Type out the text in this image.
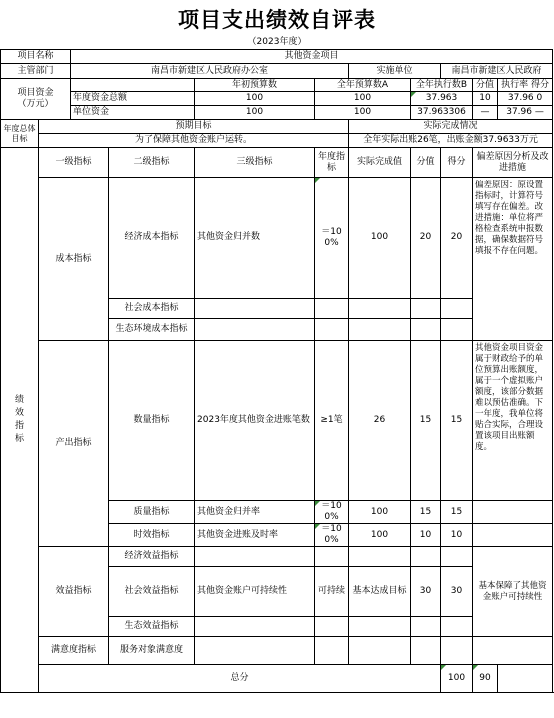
项目支出绩效自评表
（2023年度）
项目名称		其他资金项目								
主管部门		南昌市新建区人民政府办公室				实施单位		南昌市新建区人民政府		
项目资金
（万元）				年初预算数	全年预算数A		全年执行数B		分值	执行率 得分
		年度资金总额		100	100		37.963		10	37.96 0
		单位资金		100	100		37.963306		—	37.96 —
年度总体目标	预期目标					实际完成情况				
	为了保障其他资金账户运转。					全年实际出账26笔，出账金额37.9633万元				

绩效指标	一级指标		二级指标	三级指标	年度指标	实际完成值	分值	得分	偏差原因分析及改进措施	
	成本指标		经济成本指标	其他资金归并数	＝100%	100	20	20	偏差原因：原设置指标时，计算符号填写存在偏差。改进措施：单位将严格检查系统申报数据，确保数据符号填报不存在问题。	

			社会成本指标							
			生态环境成本指标							
	产出指标		数量指标	2023年度其他资金进账笔数	≥1笔	26	15	15	其他资金项目资金属于财政给予的单位预算出账额度，属于一个虚拟账户额度，该部分数据难以预估准确。下一年度，我单位将贴合实际，合理设置该项目出账额度。	
			质量指标	其他资金归并率	＝100%	100	15	15		
			时效指标	其他资金进账及时率	＝100%	100	10	10		
	效益指标		经济效益指标						基本保障了其他资金账户可持续性	
			社会效益指标	其他资金账户可持续性	可持续	基本达成目标	30	30		
			生态效益指标							
	满意度指标		服务对象满意度							
	总分							100	90	
